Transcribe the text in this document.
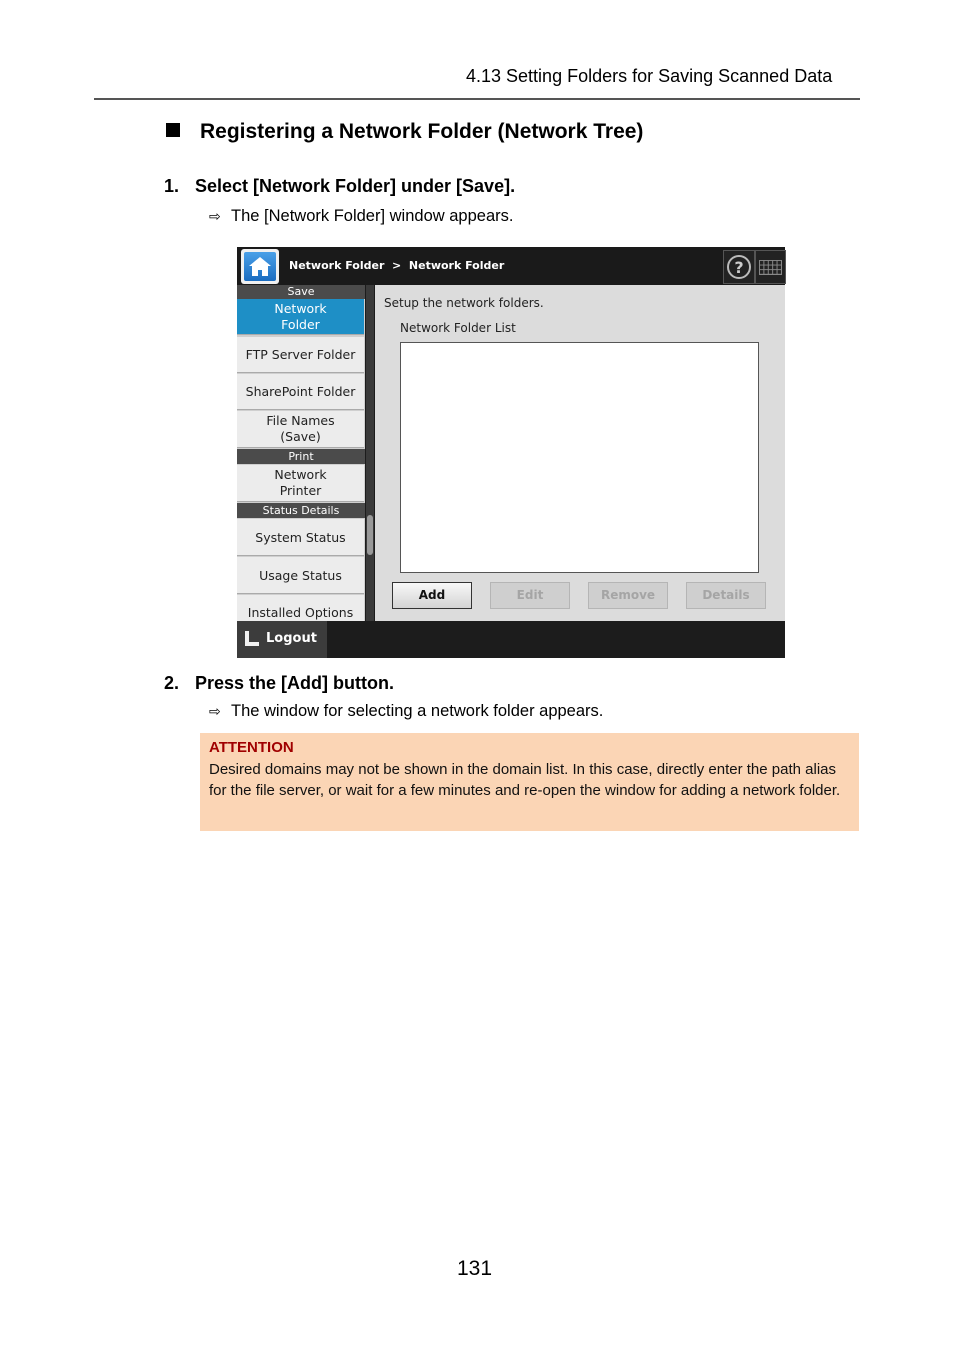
4.13 Setting Folders for Saving Scanned Data
Registering a Network Folder (Network Tree)
1. Select [Network Folder] under [Save].
⇨ The [Network Folder] window appears.
Network Folder  >  Network Folder	?
Save
Network Folder
FTP Server Folder
SharePoint Folder
File Names (Save)
Print
Network Printer
Status Details
System Status
Usage Status
Installed Options
Setup the network folders.
Network Folder List
Add	Edit	Remove	Details
Logout
2. Press the [Add] button.
⇨ The window for selecting a network folder appears.
ATTENTION
Desired domains may not be shown in the domain list. In this case, directly enter the path alias for the file server, or wait for a few minutes and re-open the window for adding a network folder.
131
